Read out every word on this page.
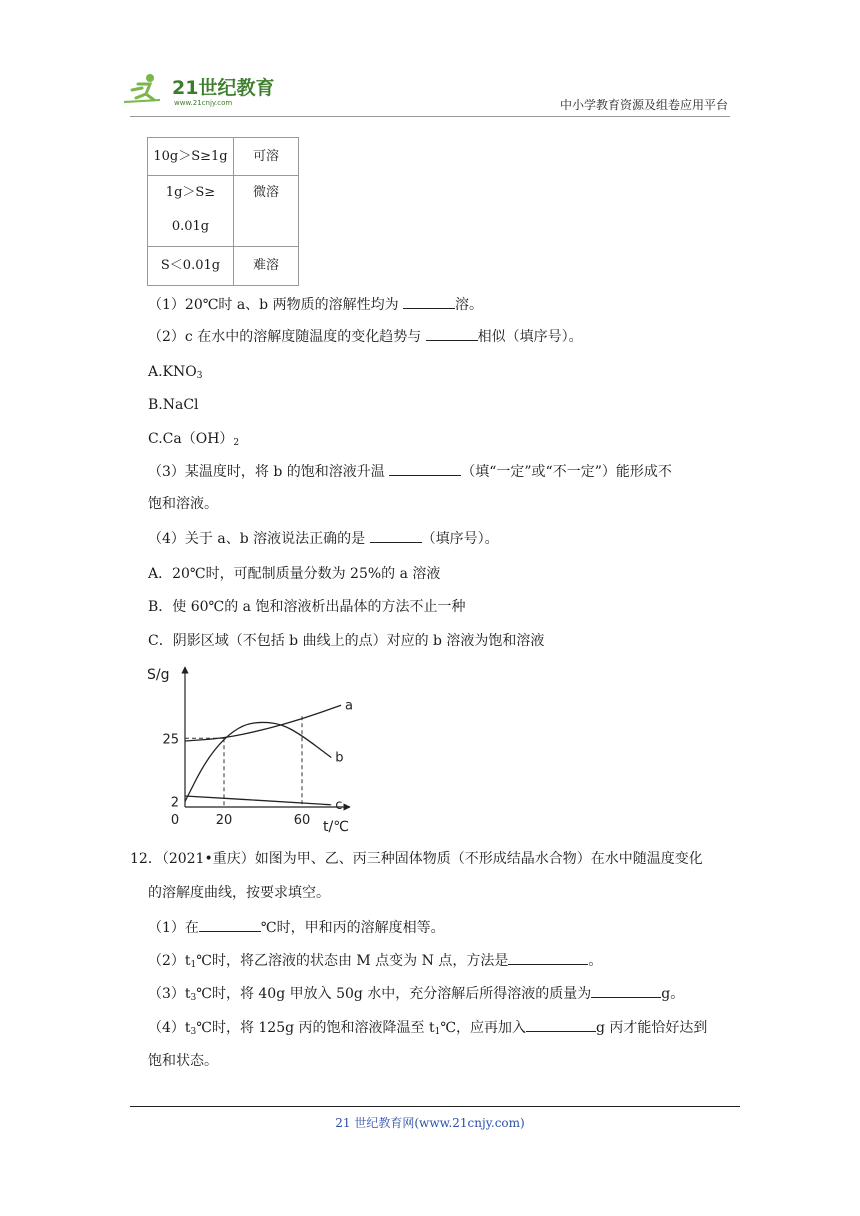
21世纪教育
www.21cnjy.com	中小学教育资源及组卷应用平台
10g＞S≥1g	可溶

1g＞S≥
0.01g	微溶
S＜0.01g	难溶
（1）20℃时 a、b 两物质的溶解性均为	溶。
（2）c 在水中的溶解度随温度的变化趋势与	相似（填序号）。
$A.KNO_3$
B.NaCl
$C.Ca(OH)_2$
（3）某温度时，将 b 的饱和溶液升温	（填“一定”或“不一定”）能形成不
饱和溶液。
（4）关于 a、b 溶液说法正确的是	（填序号）。
A．20℃时，可配制质量分数为 25%的 a 溶液
B．使 60℃的 a 饱和溶液析出晶体的方法不止一种
C．阴影区域（不包括 b 曲线上的点）对应的 b 溶液为饱和溶液
a
b
c
S/g
t/℃
0	20	60
25
2
12．（2021•重庆）如图为甲、乙、丙三种固体物质（不形成结晶水合物）在水中随温度变化
的溶解度曲线，按要求填空。
（1）在	℃时，甲和丙的溶解度相等。
$(2)t_1℃$时，将乙溶液的状态由 M 点变为 N 点，方法是	。
$(3)t_3℃$时，将 40g 甲放入 50g 水中，充分溶解后所得溶液的质量为	g。
$(4)t_3℃$时，将 125g 丙的饱和溶液降温至 $t_1℃$，应再加入	g 丙才能恰好达到
饱和状态。
21 世纪教育网(www.21cnjy.com)
